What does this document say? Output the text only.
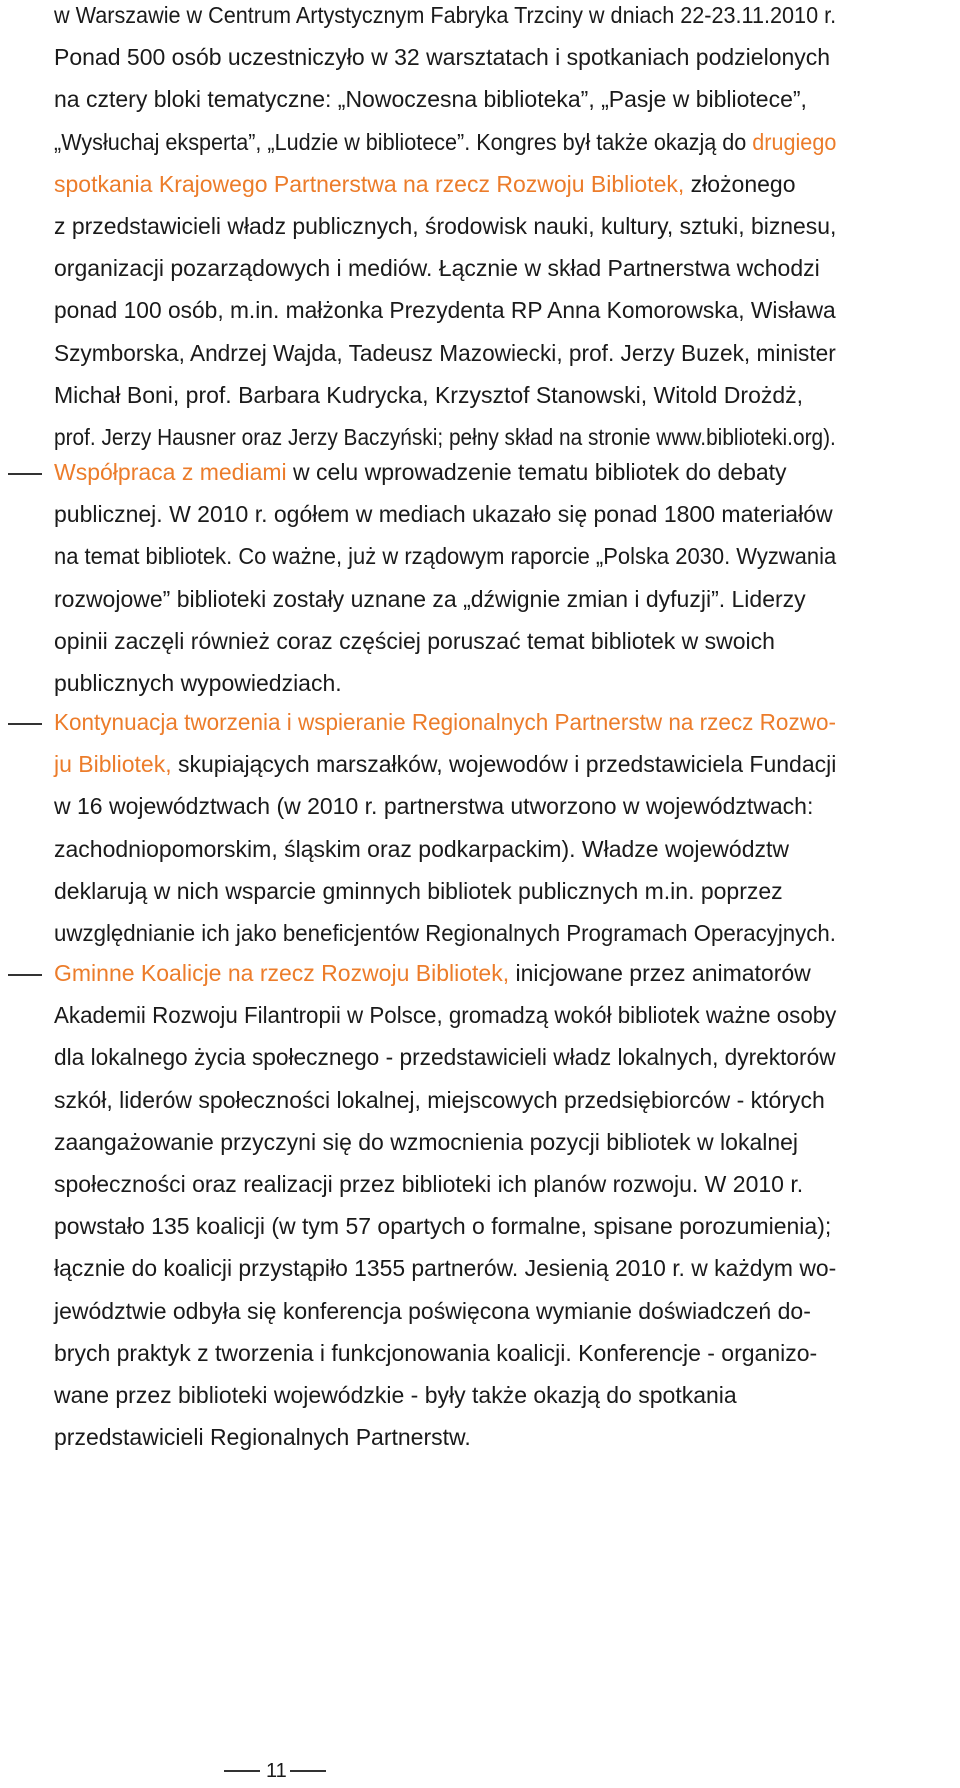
w Warszawie w Centrum Artystycznym Fabryka Trzciny w dniach 22-23.11.2010 r.
Ponad 500 osób uczestniczyło w 32 warsztatach i spotkaniach podzielonych
na cztery bloki tematyczne: „Nowoczesna biblioteka”, „Pasje w bibliotece”,
„Wysłuchaj eksperta”, „Ludzie w bibliotece”. Kongres był także okazją do drugiego
spotkania Krajowego Partnerstwa na rzecz Rozwoju Bibliotek, złożonego
z przedstawicieli władz publicznych, środowisk nauki, kultury, sztuki, biznesu,
organizacji pozarządowych i mediów. Łącznie w skład Partnerstwa wchodzi
ponad 100 osób, m.in. małżonka Prezydenta RP Anna Komorowska, Wisława
Szymborska, Andrzej Wajda, Tadeusz Mazowiecki, prof. Jerzy Buzek, minister
Michał Boni, prof. Barbara Kudrycka, Krzysztof Stanowski, Witold Drożdż,
prof. Jerzy Hausner oraz Jerzy Baczyński; pełny skład na stronie www.biblioteki.org).
Współpraca z mediami w celu wprowadzenie tematu bibliotek do debaty
publicznej. W 2010 r. ogółem w mediach ukazało się ponad 1800 materiałów
na temat bibliotek. Co ważne, już w rządowym raporcie „Polska 2030. Wyzwania
rozwojowe” biblioteki zostały uznane za „dźwignie zmian i dyfuzji”. Liderzy
opinii zaczęli również coraz częściej poruszać temat bibliotek w swoich
publicznych wypowiedziach.
Kontynuacja tworzenia i wspieranie Regionalnych Partnerstw na rzecz Rozwo-
ju Bibliotek, skupiających marszałków, wojewodów i przedstawiciela Fundacji
w 16 województwach (w 2010 r. partnerstwa utworzono w województwach:
zachodniopomorskim, śląskim oraz podkarpackim). Władze województw
deklarują w nich wsparcie gminnych bibliotek publicznych m.in. poprzez
uwzględnianie ich jako beneficjentów Regionalnych Programach Operacyjnych.
Gminne Koalicje na rzecz Rozwoju Bibliotek, inicjowane przez animatorów
Akademii Rozwoju Filantropii w Polsce, gromadzą wokół bibliotek ważne osoby
dla lokalnego życia społecznego - przedstawicieli władz lokalnych, dyrektorów
szkół, liderów społeczności lokalnej, miejscowych przedsiębiorców - których
zaangażowanie przyczyni się do wzmocnienia pozycji bibliotek w lokalnej
społeczności oraz realizacji przez biblioteki ich planów rozwoju. W 2010 r.
powstało 135 koalicji (w tym 57 opartych o formalne, spisane porozumienia);
łącznie do koalicji przystąpiło 1355 partnerów. Jesienią 2010 r. w każdym wo-
jewództwie odbyła się konferencja poświęcona wymianie doświadczeń do-
brych praktyk z tworzenia i funkcjonowania koalicji. Konferencje - organizo-
wane przez biblioteki wojewódzkie - były także okazją do spotkania
przedstawicieli Regionalnych Partnerstw.
11
